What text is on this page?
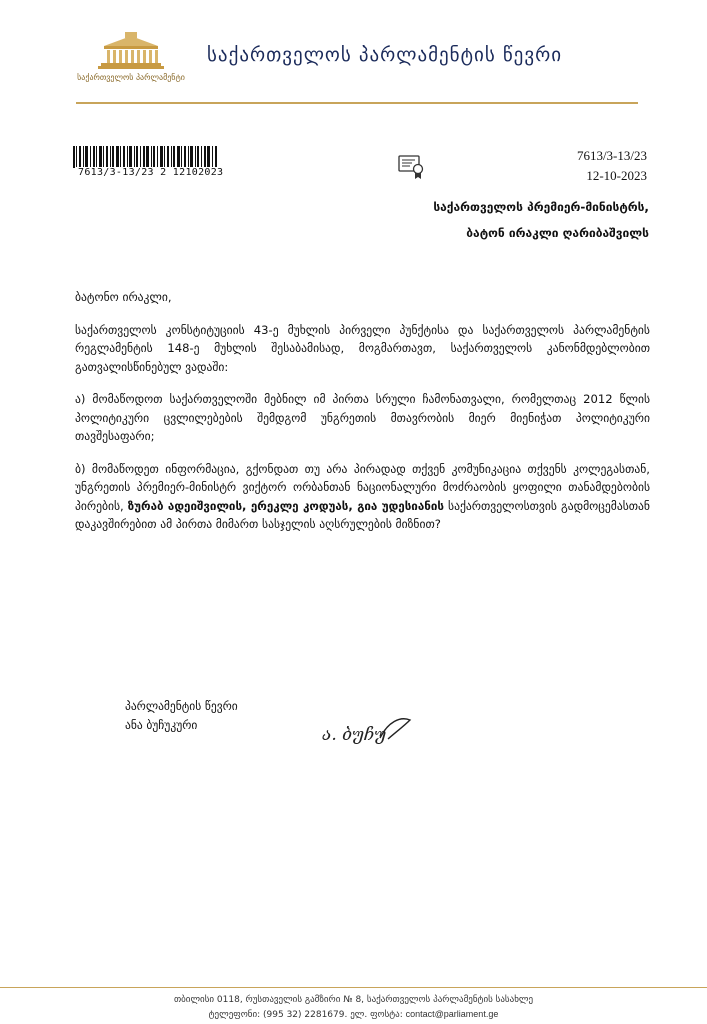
საქართველოს პარლამენტი
საქართველოს პარლამენტის წევრი
7613/3-13/23 2 12102023
7613/3-13/23
12-10-2023
საქართველოს პრემიერ-მინისტრს,
ბატონ ირაკლი ღარიბაშვილს

ბატონო ირაკლი,

საქართველოს კონსტიტუციის 43-ე მუხლის პირველი პუნქტისა და საქართველოს პარლამენტის რეგლამენტის 148-ე მუხლის შესაბამისად, მოგმართავთ, საქართველოს კანონმდებლობით გათვალისწინებულ ვადაში:

ა) მომაწოდოთ საქართველოში მებნილ იმ პირთა სრული ჩამონათვალი, რომელთაც 2012 წლის პოლიტიკური ცვლილებების შემდგომ უნგრეთის მთავრობის მიერ მიენიჭათ პოლიტიკური თავშესაფარი;

ბ) მომაწოდეთ ინფორმაცია, გქონდათ თუ არა პირადად თქვენ კომუნიკაცია თქვენს კოლეგასთან, უნგრეთის პრემიერ-მინისტრ ვიქტორ ორბანთან ნაციონალური მოძრაობის ყოფილი თანამდებობის პირების, ზურაბ ადეიშვილის, ერეკლე კოდუას, გია უდესიანის საქართველოსთვის გადმოცემასთან დაკავშირებით ამ პირთა მიმართ სასჯელის აღსრულების მიზნით?

პარლამენტის წევრი
ანა ბუჩუკური	ა. ბუჩუ
თბილისი 0118, რუსთაველის გამზირი № 8, საქართველოს პარლამენტის სასახლე
ტელეფონი: (995 32) 2281679. ელ. ფოსტა: contact@parliament.ge
